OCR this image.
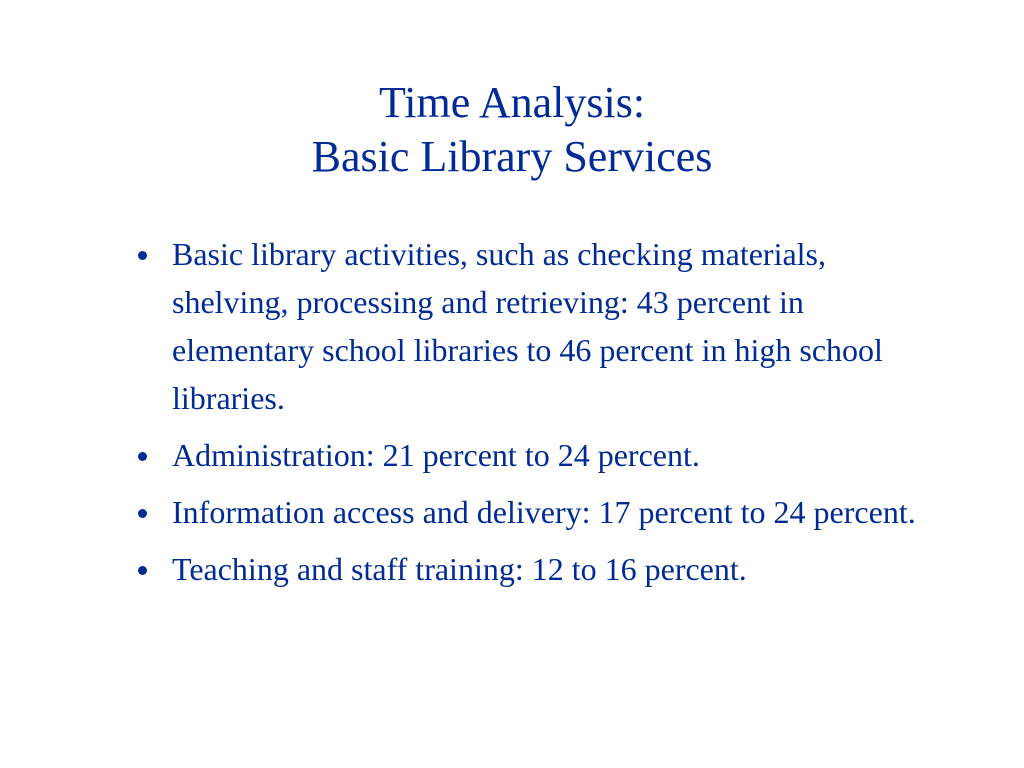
Time Analysis:
Basic Library Services
Basic library activities, such as checking materials, shelving, processing and retrieving: 43 percent in elementary school libraries to 46 percent in high school libraries.
Administration: 21 percent to 24 percent.
Information access and delivery: 17 percent to 24 percent.
Teaching and staff training: 12 to 16 percent.
